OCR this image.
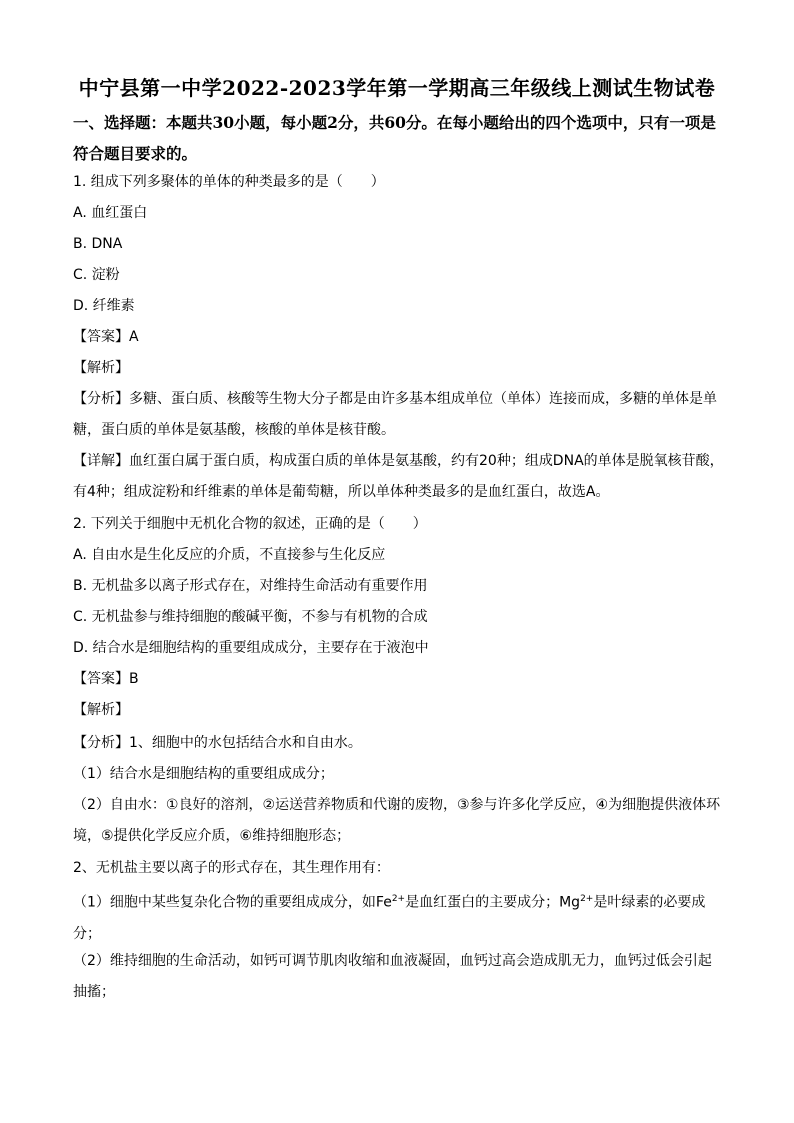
中宁县第一中学2022-2023学年第一学期高三年级线上测试生物试卷
一、选择题：本题共30小题，每小题2分，共60分。在每小题给出的四个选项中，只有一项是符合题目要求的。
1. 组成下列多聚体的单体的种类最多的是（　　）
A. 血红蛋白
B. DNA
C. 淀粉
D. 纤维素
【答案】A
【解析】
【分析】多糖、蛋白质、核酸等生物大分子都是由许多基本组成单位（单体）连接而成，多糖的单体是单糖，蛋白质的单体是氨基酸，核酸的单体是核苷酸。
【详解】血红蛋白属于蛋白质，构成蛋白质的单体是氨基酸，约有20种；组成DNA的单体是脱氧核苷酸，有4种；组成淀粉和纤维素的单体是葡萄糖，所以单体种类最多的是血红蛋白，故选A。
2. 下列关于细胞中无机化合物的叙述，正确的是（　　）
A. 自由水是生化反应的介质，不直接参与生化反应
B. 无机盐多以离子形式存在，对维持生命活动有重要作用
C. 无机盐参与维持细胞的酸碱平衡，不参与有机物的合成
D. 结合水是细胞结构的重要组成成分，主要存在于液泡中
【答案】B
【解析】
【分析】1、细胞中的水包括结合水和自由水。
（1）结合水是细胞结构的重要组成成分；
（2）自由水：①良好的溶剂，②运送营养物质和代谢的废物，③参与许多化学反应，④为细胞提供液体环境，⑤提供化学反应介质，⑥维持细胞形态；
2、无机盐主要以离子的形式存在，其生理作用有：
（1）细胞中某些复杂化合物的重要组成成分，如$Fe^{2+}$是血红蛋白的主要成分；$Mg^{2+}$是叶绿素的必要成分；
（2）维持细胞的生命活动，如钙可调节肌肉收缩和血液凝固，血钙过高会造成肌无力，血钙过低会引起抽搐；
